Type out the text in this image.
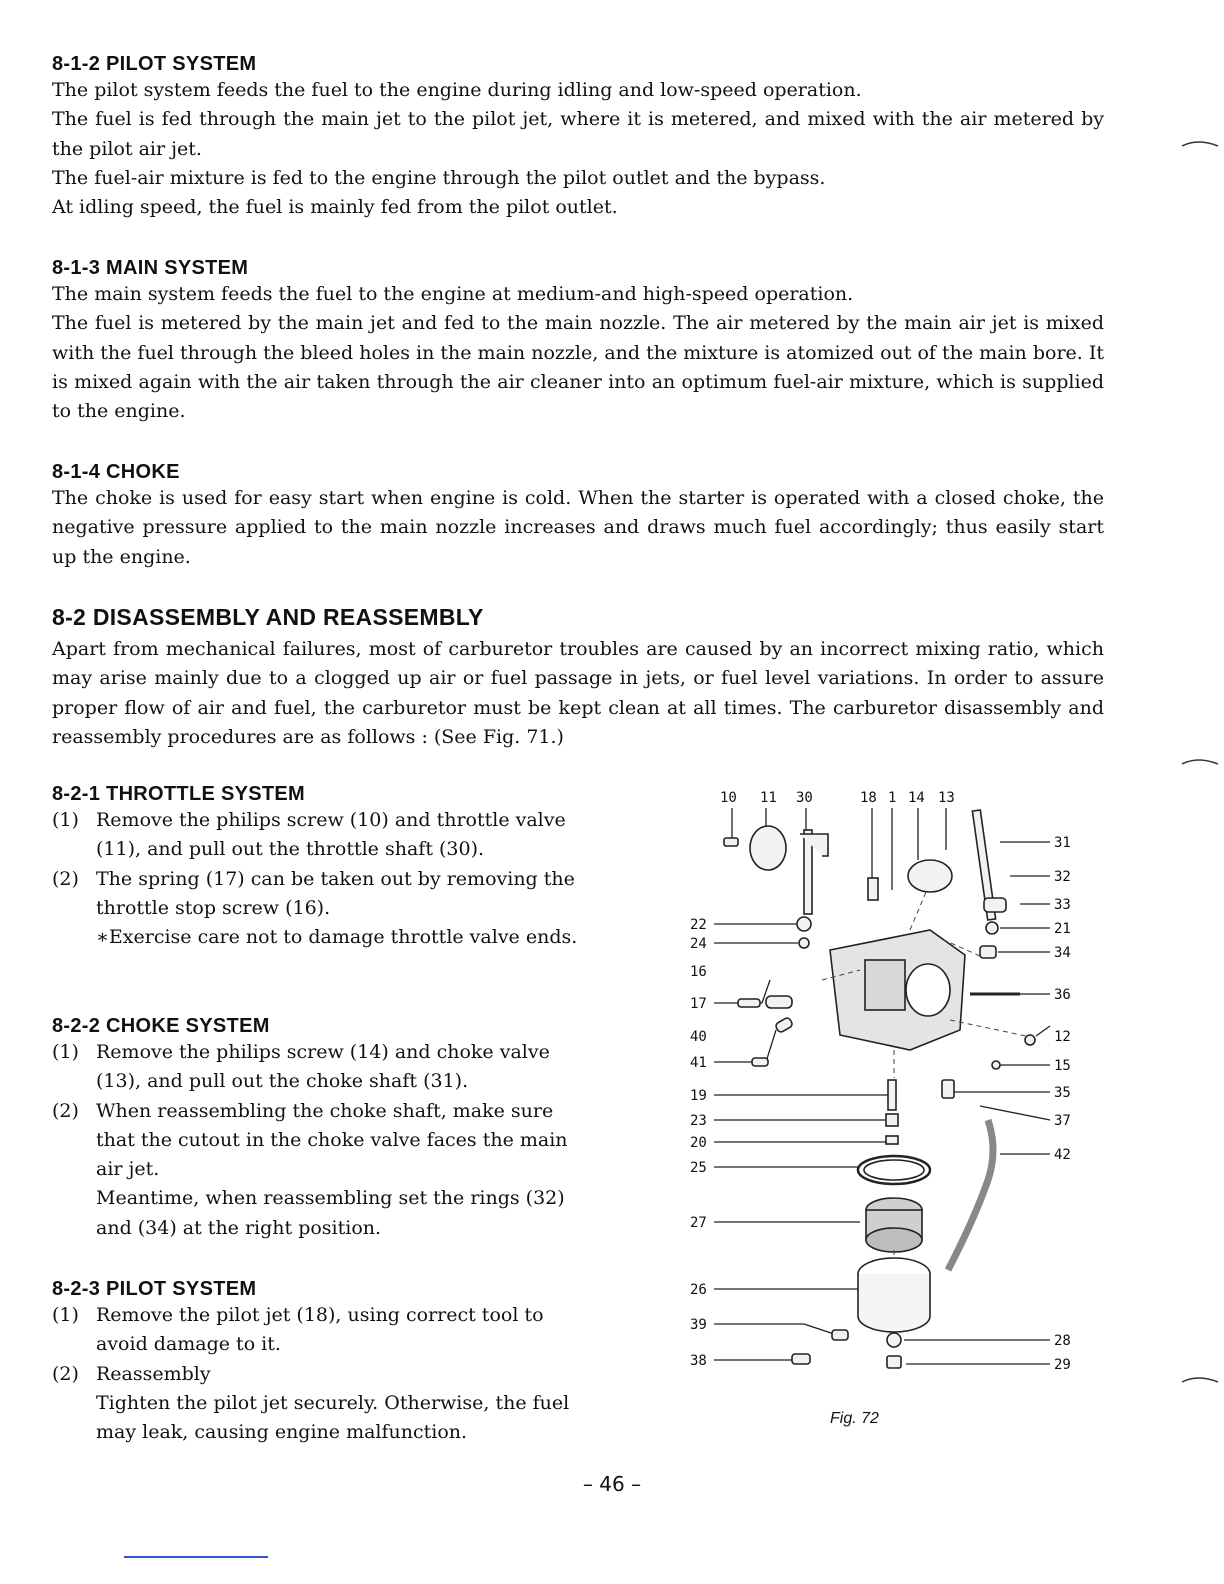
8-1-2 PILOT SYSTEM

The pilot system feeds the fuel to the engine during idling and low-speed operation.

The fuel is fed through the main jet to the pilot jet, where it is metered, and mixed with the air metered by the pilot air jet.

The fuel-air mixture is fed to the engine through the pilot outlet and the bypass.

At idling speed, the fuel is mainly fed from the pilot outlet.

8-1-3 MAIN SYSTEM

The main system feeds the fuel to the engine at medium-and high-speed operation.

The fuel is metered by the main jet and fed to the main nozzle. The air metered by the main air jet is mixed with the fuel through the bleed holes in the main nozzle, and the mixture is atomized out of the main bore. It is mixed again with the air taken through the air cleaner into an optimum fuel-air mixture, which is supplied to the engine.

8-1-4 CHOKE

The choke is used for easy start when engine is cold. When the starter is operated with a closed choke, the negative pressure applied to the main nozzle increases and draws much fuel accordingly; thus easily start up the engine.

8-2 DISASSEMBLY AND REASSEMBLY

Apart from mechanical failures, most of carburetor troubles are caused by an incorrect mixing ratio, which may arise mainly due to a clogged up air or fuel passage in jets, or fuel level variations. In order to assure proper flow of air and fuel, the carburetor must be kept clean at all times. The carburetor disassembly and reassembly procedures are as follows : (See Fig. 71.)

8-2-1 THROTTLE SYSTEM
(1) Remove the philips screw (10) and throttle valve (11), and pull out the throttle shaft (30).
(2) The spring (17) can be taken out by removing the throttle stop screw (16).
∗Exercise care not to damage throttle valve ends.
8-2-2 CHOKE SYSTEM
(1) Remove the philips screw (14) and choke valve (13), and pull out the choke shaft (31).
(2) When reassembling the choke shaft, make sure that the cutout in the choke valve faces the main air jet.
Meantime, when reassembling set the rings (32) and (34) at the right position.
8-2-3 PILOT SYSTEM
(1) Remove the pilot jet (18), using correct tool to avoid damage to it.
(2) Reassembly
Tighten the pilot jet securely. Otherwise, the fuel may leak, causing engine malfunction.
10 11 30	18 1 14 13
22
24
16
17
40
41
19
23
20
25
27
26
39
38
31
32
33
21
34
36
12
15
35
37
42
28
29
Fig. 72
– 46 –
